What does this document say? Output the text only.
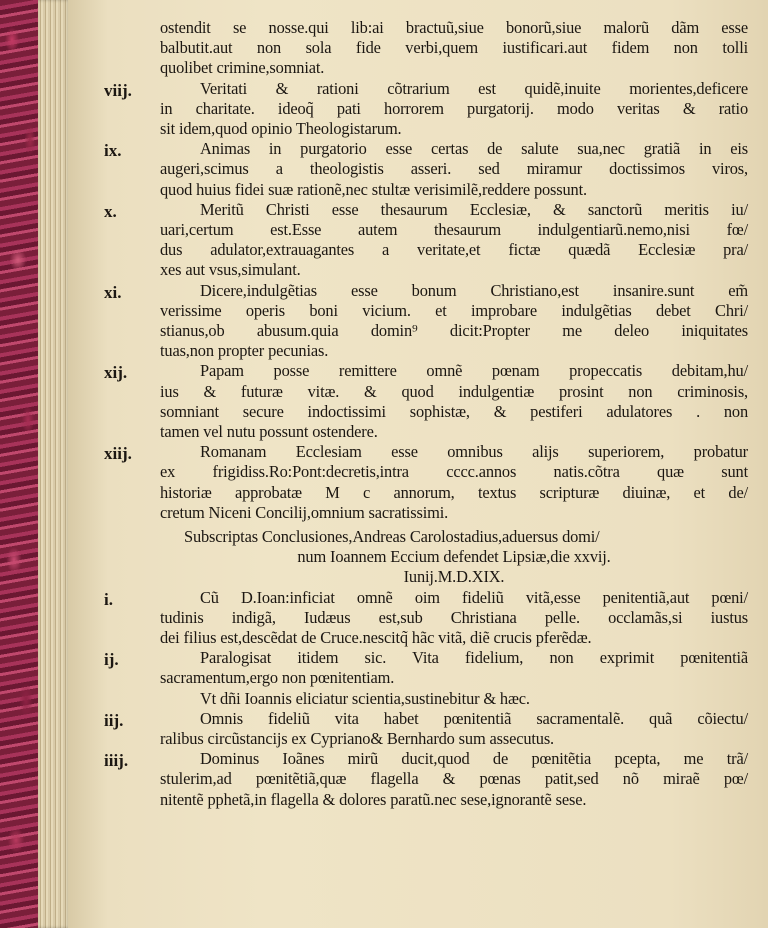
ostendit se nosse.qui lib:ai bractuũ,siue bonorũ,siue malorũ dãm esse
balbutit.aut non sola fide verbi,quem iustificari.aut fidem non tolli
quolibet crimine,somniat.
viij.	Veritati & rationi cõtrarium est quidẽ,inuite morientes,deficere
in charitate. ideoq̃ pati horrorem purgatorij. modo veritas & ratio
sit idem,quod opinio Theologistarum.
ix.	Animas in purgatorio esse certas de salute sua,nec gratiã in eis
augeri,scimus a theologistis asseri. sed miramur doctissimos viros,
quod huius fidei suæ rationẽ,nec stultæ verisimilẽ,reddere possunt.
x.	Meritũ Christi esse thesaurum Ecclesiæ, & sanctorũ meritis iu/
uari,certum est.Esse autem thesaurum indulgentiarũ.nemo,nisi fœ/
dus adulator,extrauagantes a veritate,et fictæ quædã Ecclesiæ pra/
xes aut vsus,simulant.
xi.	Dicere,indulgẽtias esse bonum Christiano,est insanire.sunt em̃
verissime operis boni vicium. et improbare indulgẽtias debet Chri/
stianus,ob abusum.quia domin⁹ dicit:Propter me deleo iniquitates
tuas,non propter pecunias.
xij.	Papam posse remittere omnẽ pœnam propeccatis debitam,hu/
ius & futuræ vitæ. & quod indulgentiæ prosint non criminosis,
somniant secure indoctissimi sophistæ, & pestiferi adulatores . non
tamen vel nutu possunt ostendere.
xiij.	Romanam Ecclesiam esse omnibus alijs superiorem, probatur
ex frigidiss.Ro:Pont:decretis,intra cccc.annos natis.cõtra quæ sunt
historiæ approbatæ M c annorum, textus scripturæ diuinæ, et de/
cretum Niceni Concilij,omnium sacratissimi.
Subscriptas Conclusiones,Andreas Carolostadius,aduersus domi/
num Ioannem Eccium defendet Lipsiæ,die xxvij.
Iunij.M.D.XIX.
i.	Cũ D.Ioan:inficiat omnẽ oim fideliũ vitã,esse penitentiã,aut pœni/
tudinis indigã, Iudæus est,sub Christiana pelle. occlamãs,si iustus
dei filius est,descẽdat de Cruce.nescitq̃ hãc vitã, diẽ crucis pferẽdæ.
ij.	Paralogisat itidem sic. Vita fidelium, non exprimit pœnitentiã
sacramentum,ergo non pœnitentiam.
Vt dñi Ioannis eliciatur scientia,sustinebitur & hæc.
iij.	Omnis fideliũ vita habet pœnitentiã sacramentalẽ. quã cõiectu/
ralibus circũstancijs ex Cypriano& Bernhardo sum assecutus.
iiij.	Dominus Ioãnes mirũ ducit,quod de pœnitẽtia pcepta, me trã/
stulerim,ad pœnitẽtiã,quæ flagella & pœnas patit,sed nõ miraẽ pœ/
nitentẽ pphetã,in flagella & dolores paratũ.nec sese,ignorantẽ sese.
